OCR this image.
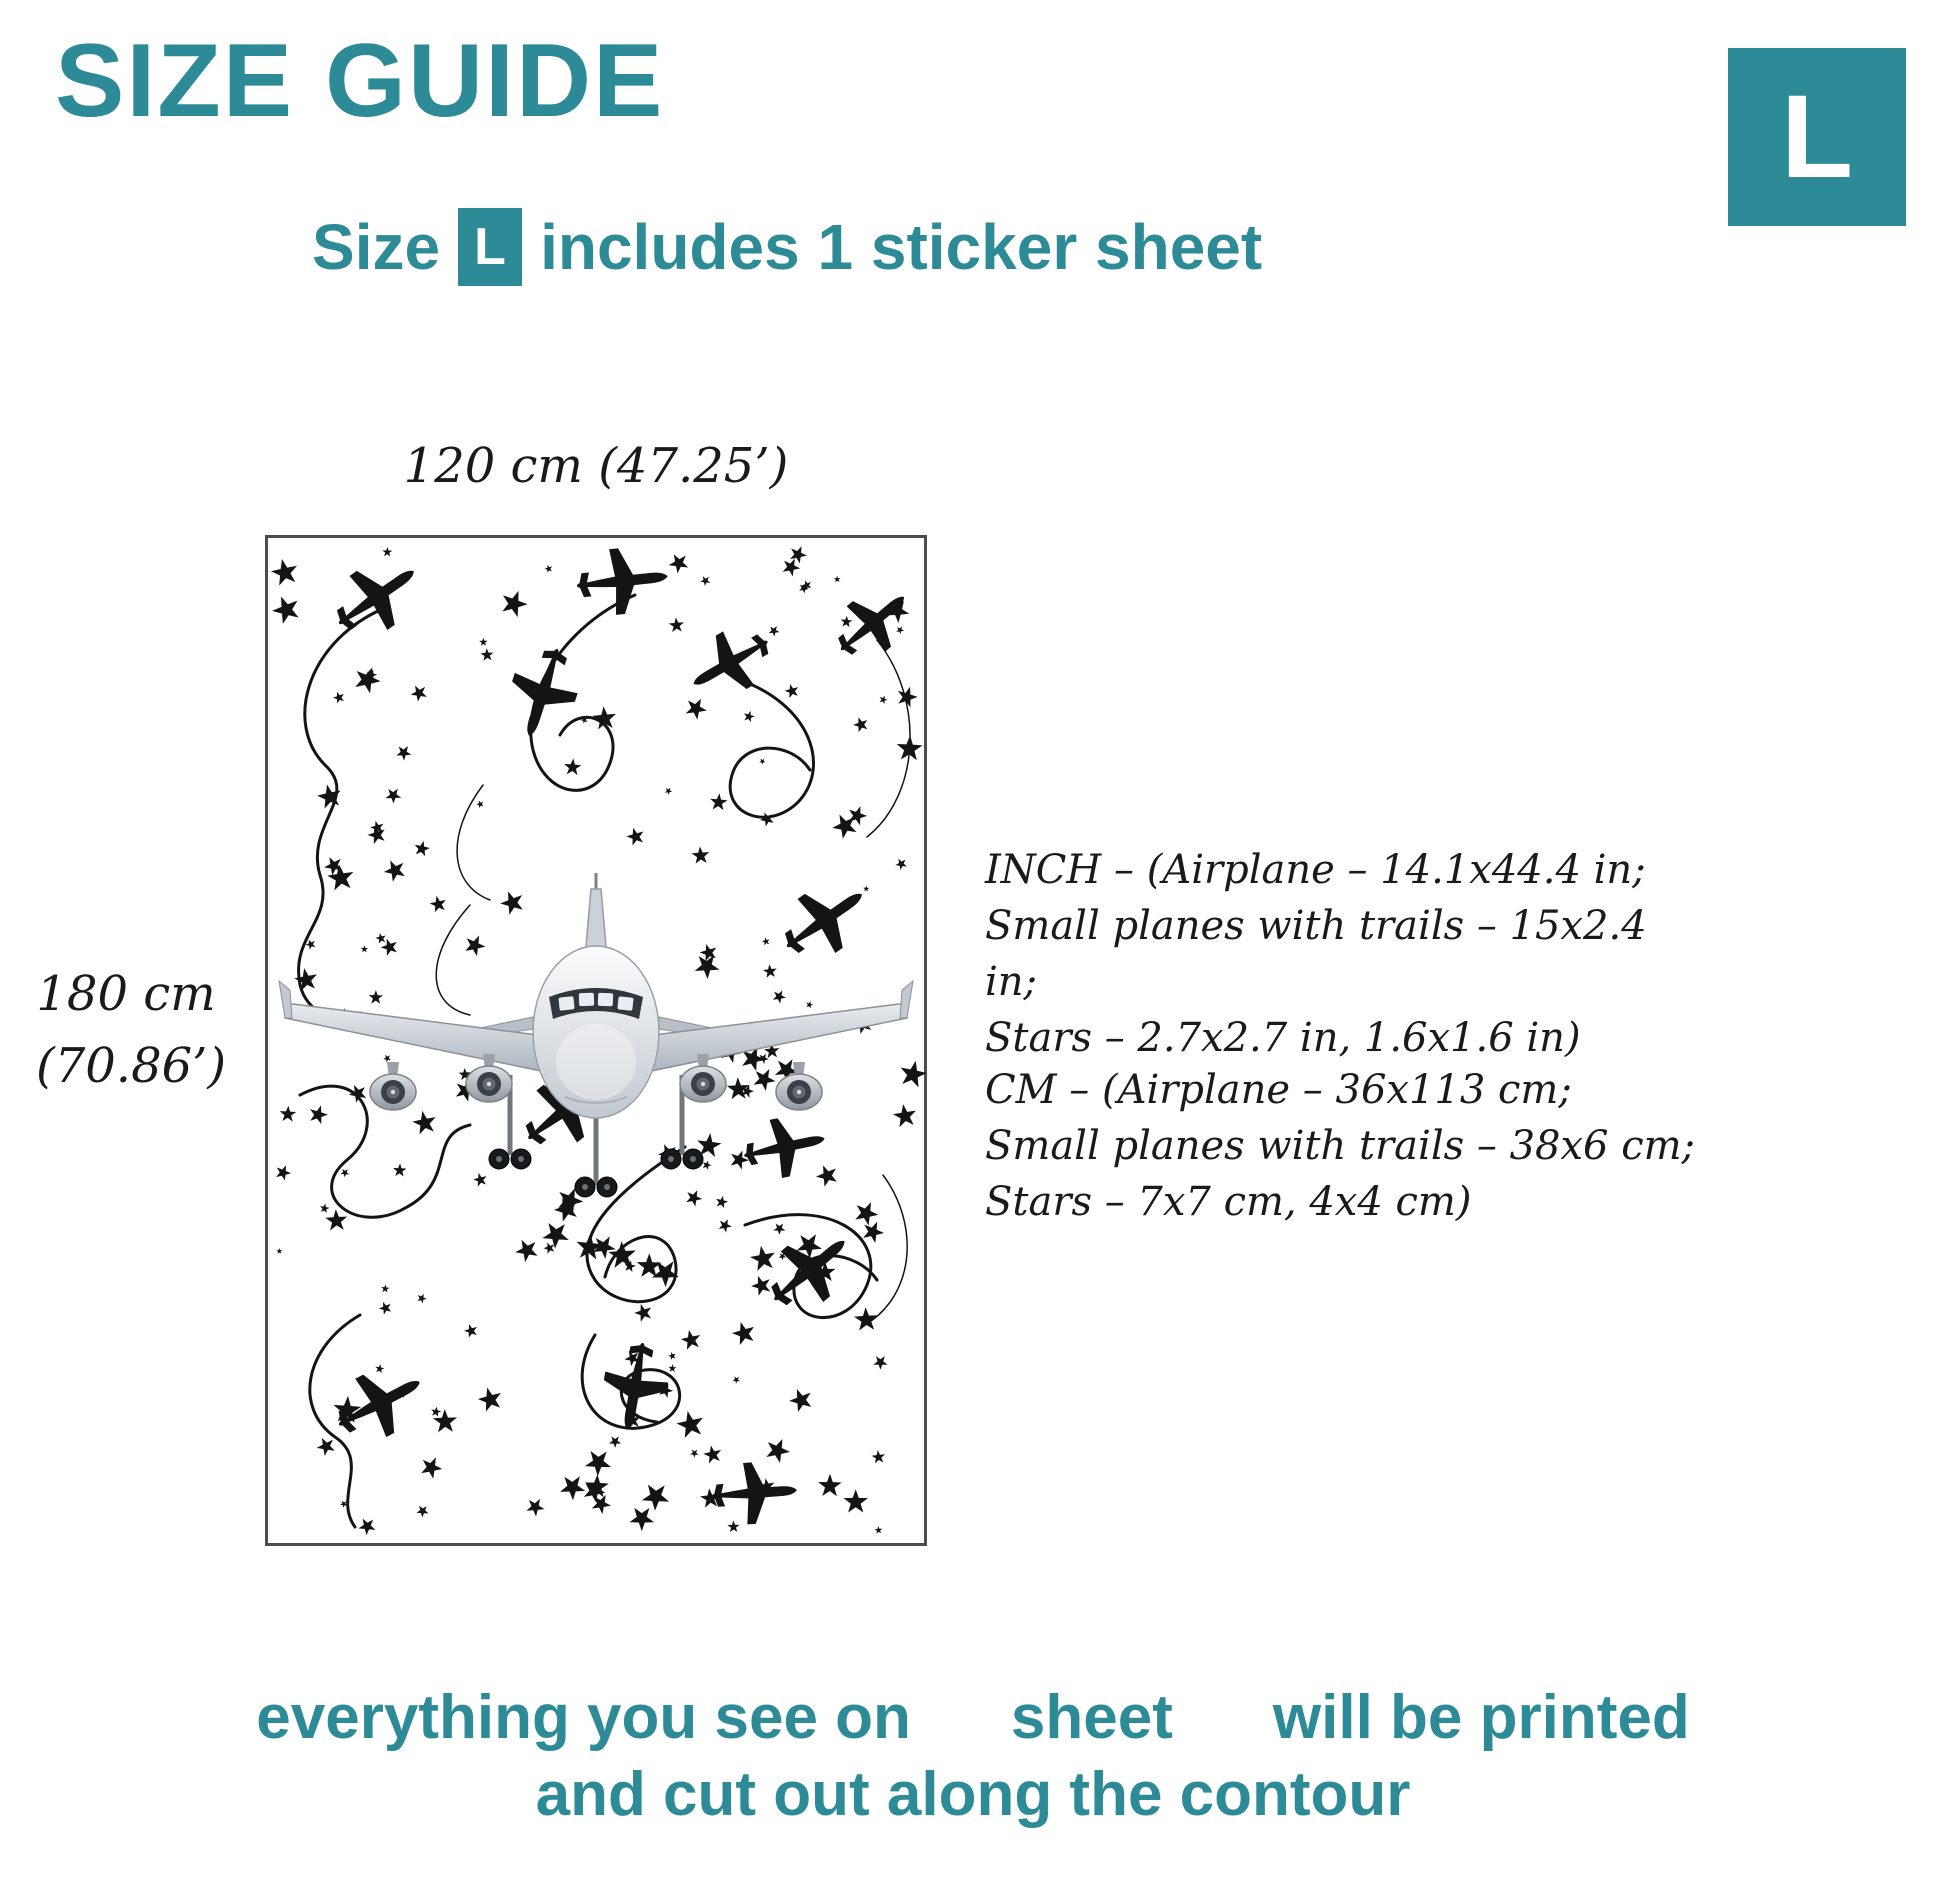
SIZE GUIDE	L
Size L includes 1 sticker sheet
120 cm (47.25’)
180 cm
(70.86’)
INCH – (Airplane – 14.1x44.4 in;
Small planes with trails – 15x2.4 in;
Stars – 2.7x2.7 in, 1.6x1.6 in)
CM – (Airplane – 36x113 cm;
Small planes with trails – 38x6 cm;
Stars – 7x7 cm, 4x4 cm)
everything you see on sheet will be printed
and cut out along the contour
